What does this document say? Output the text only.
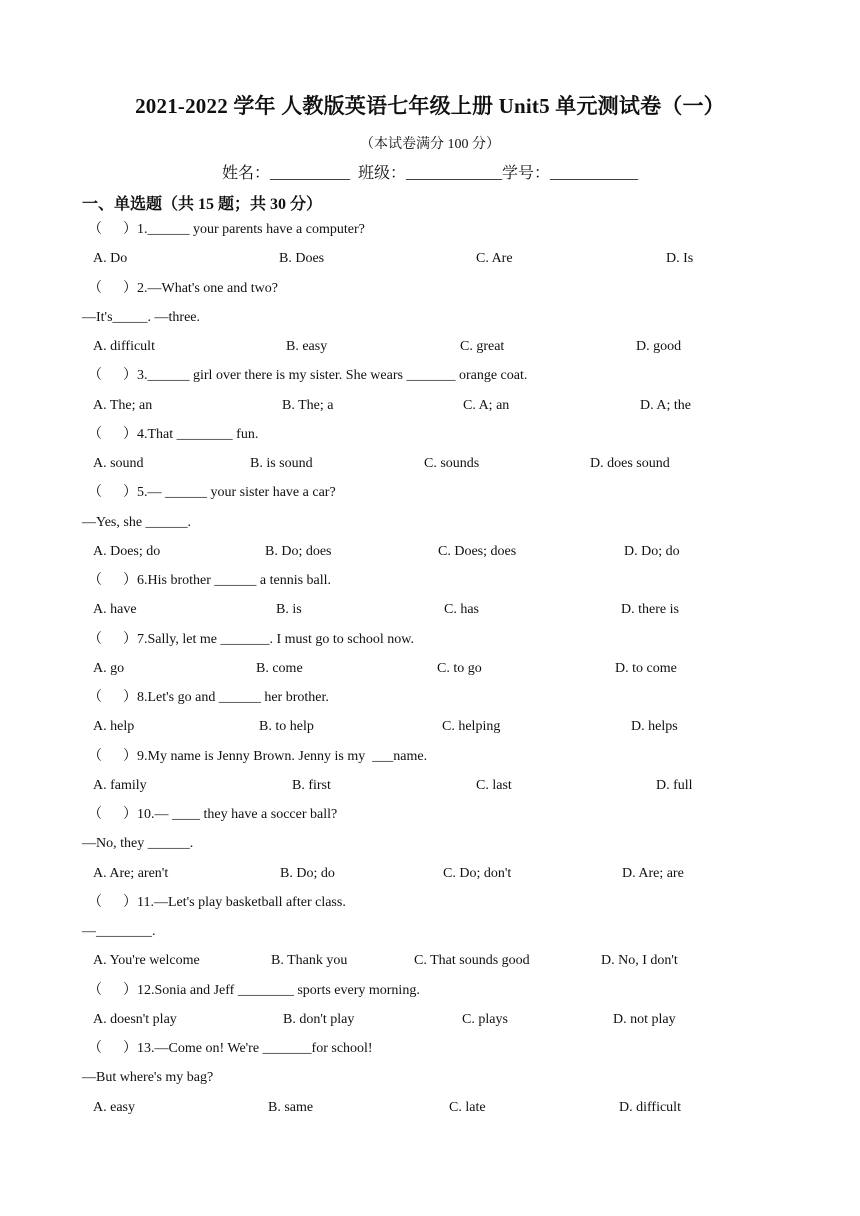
2021-2022 学年 人教版英语七年级上册 Unit5 单元测试卷（一）
（本试卷满分 100 分）
姓名：__________  班级：____________学号：___________
一、单选题（共 15 题；共 30 分）
（      ）1.______ your parents have a computer?
A. Do	B. Does	C. Are	D. Is
（      ）2.—What's one and two?
—It's_____. —three.
A. difficult	B. easy	C. great	D. good
（      ）3.______ girl over there is my sister. She wears _______ orange coat.
A. The; an	B. The; a	C. A; an	D. A; the
（      ）4.That ________ fun.
A. sound	B. is sound	C. sounds	D. does sound
（      ）5.— ______ your sister have a car?
—Yes, she ______.
A. Does; do	B. Do; does	C. Does; does	D. Do; do
（      ）6.His brother ______ a tennis ball.
A. have	B. is	C. has	D. there is
（      ）7.Sally, let me _______. I must go to school now.
A. go	B. come	C. to go	D. to come
（      ）8.Let's go and ______ her brother.
A. help	B. to help	C. helping	D. helps
（      ）9.My name is Jenny Brown. Jenny is my  ___name.
A. family	B. first	C. last	D. full
（      ）10.— ____ they have a soccer ball?
—No, they ______.
A. Are; aren't	B. Do; do	C. Do; don't	D. Are; are
（      ）11.—Let's play basketball after class.
—________.
A. You're welcome	B. Thank you	C. That sounds good	D. No, I don't
（      ）12.Sonia and Jeff ________ sports every morning.
A. doesn't play	B. don't play	C. plays	D. not play
（      ）13.—Come on! We're _______for school!
—But where's my bag?
A. easy	B. same	C. late	D. difficult
